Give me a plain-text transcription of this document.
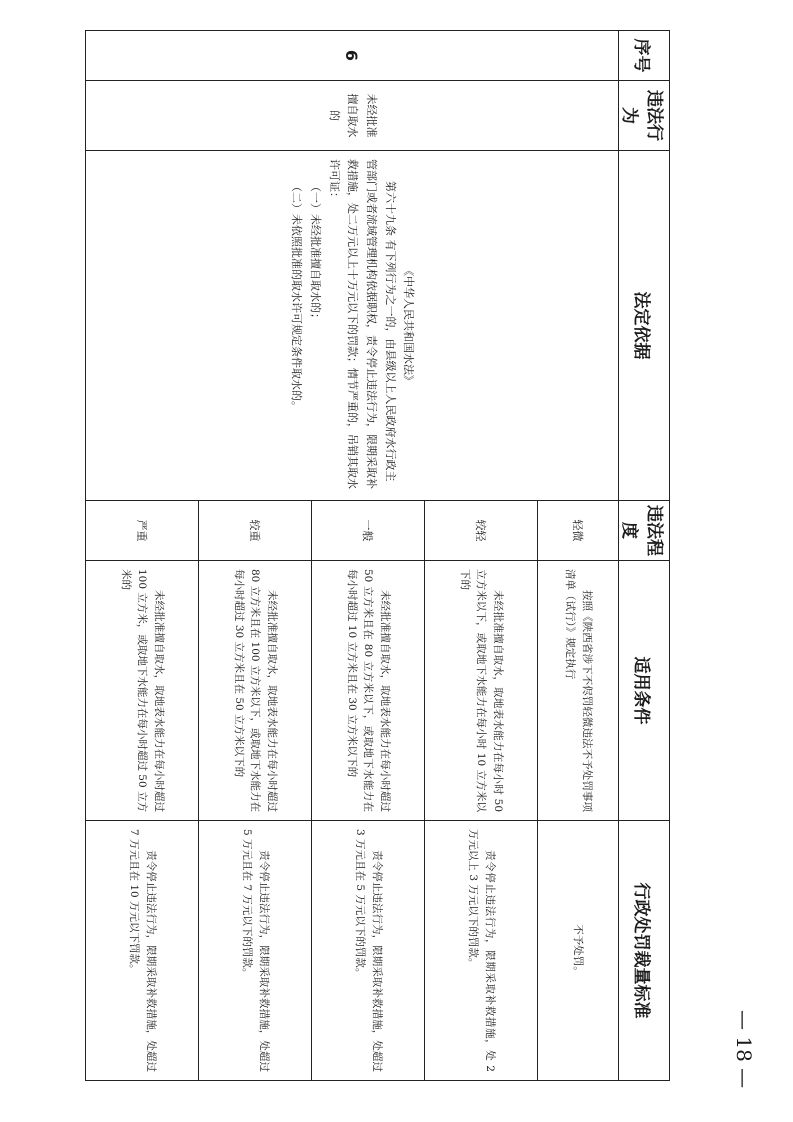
序号	违法行为	法定依据	违法程度	适用条件	行政处罚裁量标准
6	未经批准擅自取水的	《中华人民共和国水法》

第六十九条 有下列行为之一的，由县级以上人民政府水行政主管部门或者流域管理机构依据职权，责令停止违法行为，限期采取补救措施，处二万元以上十万元以下的罚款；情节严重的，吊销其取水许可证：

（一）未经批准擅自取水的；

（二）未依照批准的取水许可规定条件取水的。	轻微	按照《陕西省涉下不侭罚轻微违法不予处罚事项清单（试行）》规定执行	不予处罚。
			较轻	未经批准擅自取水，取地表水能力在每小时 50 立方米以下，或取地下水能力在每小时 10 立方米以下的	责令停止违法行为，限期采取补救措施，处 2 万元以上 3 万元以下的罚款。
			一般	未经批准擅自取水，取地表水能力在每小时超过 50 立方米且在 80 立方米以下，或取地下水能力在每小时超过 10 立方米且在 30 立方米以下的	责令停止违法行为，限期采取补救措施，处超过 3 万元且在 5 万元以下的罚款。
			较重	未经批准擅自取水，取地表水能力在每小时超过 80 立方米且在 100 立方米以下，或取地下水能力在每小时超过 30 立方米且在 50 立方米以下的	责令停止违法行为，限期采取补救措施，处超过 5 万元且在 7 万元以下的罚款。
			严重	未经批准擅自取水，取地表水能力在每小时超过 100 立方米，或取地下水能力在每小时超过 50 立方米的	责令停止违法行为，限期采取补救措施，处超过 7 万元且在 10 万元以下罚款。
— 18 —
